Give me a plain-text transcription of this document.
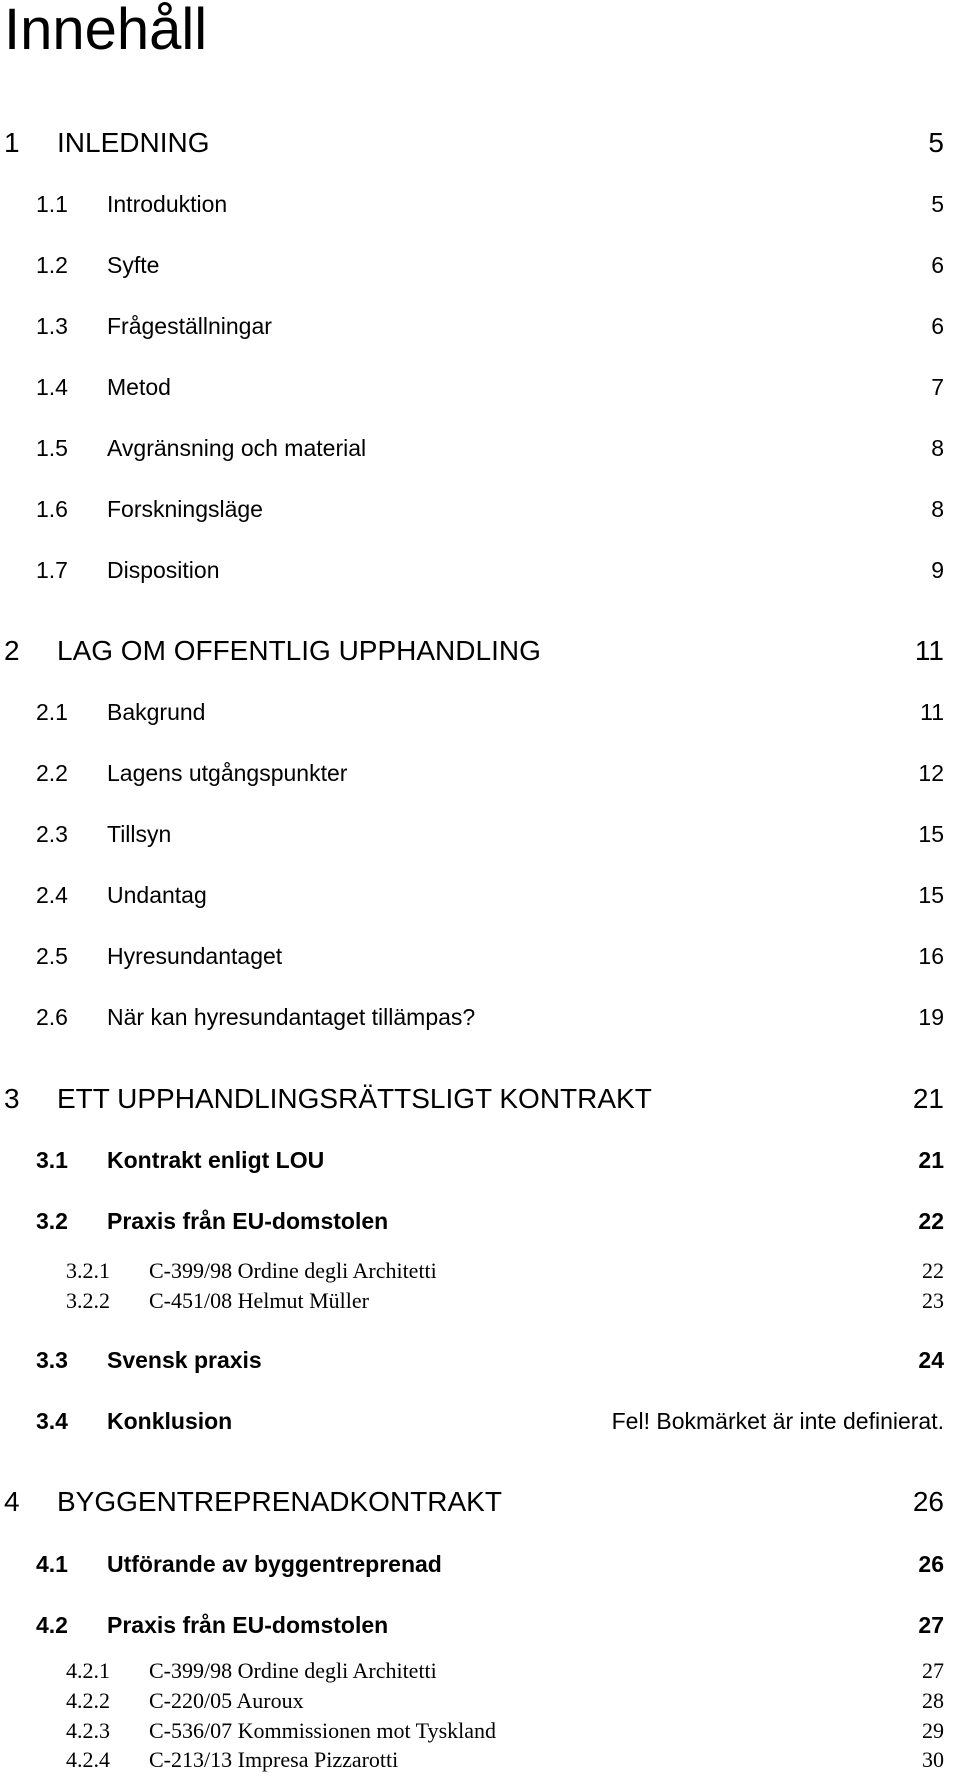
Innehåll
1 INLEDNING	5
1.1 Introduktion	5
1.2 Syfte	6
1.3 Frågeställningar	6
1.4 Metod	7
1.5 Avgränsning och material	8
1.6 Forskningsläge	8
1.7 Disposition	9
2 LAG OM OFFENTLIG UPPHANDLING	11
2.1 Bakgrund	11
2.2 Lagens utgångspunkter	12
2.3 Tillsyn	15
2.4 Undantag	15
2.5 Hyresundantaget	16
2.6 När kan hyresundantaget tillämpas?	19
3 ETT UPPHANDLINGSRÄTTSLIGT KONTRAKT	21
3.1 Kontrakt enligt LOU	21
3.2 Praxis från EU-domstolen	22
3.2.1 C-399/98 Ordine degli Architetti	22
3.2.2 C-451/08 Helmut Müller	23
3.3 Svensk praxis	24
3.4 Konklusion	Fel! Bokmärket är inte definierat.
4 BYGGENTREPRENADKONTRAKT	26
4.1 Utförande av byggentreprenad	26
4.2 Praxis från EU-domstolen	27
4.2.1 C-399/98 Ordine degli Architetti	27
4.2.2 C-220/05 Auroux	28
4.2.3 C-536/07 Kommissionen mot Tyskland	29
4.2.4 C-213/13 Impresa Pizzarotti	30
